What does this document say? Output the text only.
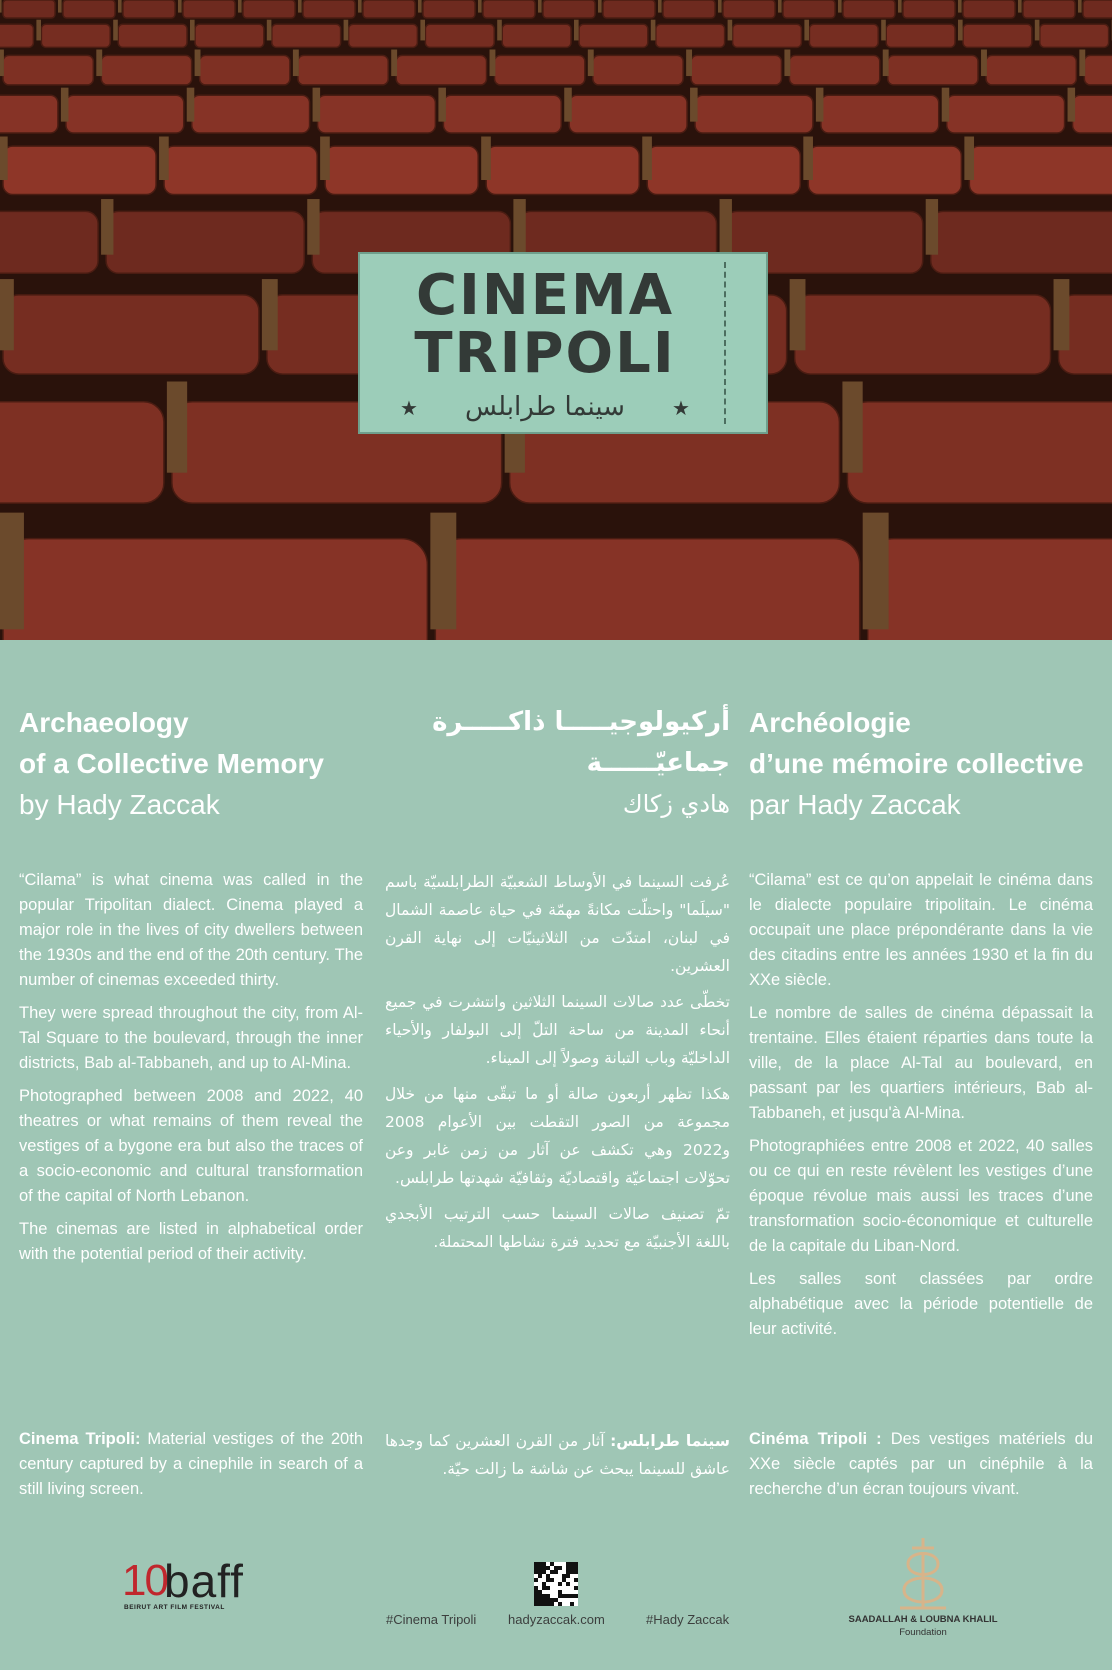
CINEMA
TRIPOLI
★	سينما طرابلس	★

Archaeology

of a Collective Memory

by Hady Zaccak

أركيولوجيـــــا ذاكـــــرة

جماعيّــــــة

هادي زكاك

Archéologie

d’une mémoire collective

par Hady Zaccak

“Cilama” is what cinema was called in the popular Tripolitan dialect. Cinema played a major role in the lives of city dwellers between the 1930s and the end of the 20th century. The number of cinemas exceeded thirty.

They were spread throughout the city, from Al-Tal Square to the boulevard, through the inner districts, Bab al-Tabbaneh, and up to Al-Mina.

Photographed between 2008 and 2022, 40 theatres or what remains of them reveal the vestiges of a bygone era but also the traces of a socio-economic and cultural transformation of the capital of North Lebanon.

The cinemas are listed in alphabetical order with the potential period of their activity.

عُرفت السينما في الأوساط الشعبيّة الطرابلسيّة باسم "سيلَما" واحتلّت مكانةً مهمّة في حياة عاصمة الشمال في لبنان، امتدّت من الثلاثينيّات إلى نهاية القرن العشرين.

تخطّى عدد صالات السينما الثلاثين وانتشرت في جميع أنحاء المدينة من ساحة التلّ إلى البولفار والأحياء الداخليّة وباب التبانة وصولاً إلى الميناء.

هكذا تظهر أربعون صالة أو ما تبقّى منها من خلال مجموعة من الصور التقطت بين الأعوام 2008 و2022 وهي تكشف عن آثار من زمن غابر وعن تحوّلات اجتماعيّة واقتصاديّة وثقافيّة شهدتها طرابلس.

تمّ تصنيف صالات السينما حسب الترتيب الأبجدي باللغة الأجنبيّة مع تحديد فترة نشاطها المحتملة.

“Cilama” est ce qu’on appelait le cinéma dans le dialecte populaire tripolitain. Le cinéma occupait une place prépondérante dans la vie des citadins entre les années 1930 et la fin du XXe siècle.

Le nombre de salles de cinéma dépassait la trentaine. Elles étaient réparties dans toute la ville, de la place Al-Tal au boulevard, en passant par les quartiers intérieurs, Bab al-Tabbaneh, et jusqu'à Al-Mina.

Photographiées entre 2008 et 2022, 40 salles ou ce qui en reste révèlent les vestiges d’une époque révolue mais aussi les traces d’une transformation socio-économique et culturelle de la capitale du Liban-Nord.

Les salles sont classées par ordre alphabétique avec la période potentielle de leur activité.

Cinema Tripoli: Material vestiges of the 20th century captured by a cinephile in search of a still living screen.
سينما طرابلس: آثار من القرن العشرين كما وجدها عاشق للسينما يبحث عن شاشة ما زالت حيّة.
Cinéma Tripoli : Des vestiges matériels du XXe siècle captés par un cinéphile à la recherche d’un écran toujours vivant.
10
baff
BEIRUT ART FILM FESTIVAL
#Cinema Tripoli hadyzaccak.com	#Hady Zaccak	SAADALLAH & LOUBNA KHALIL
Foundation
